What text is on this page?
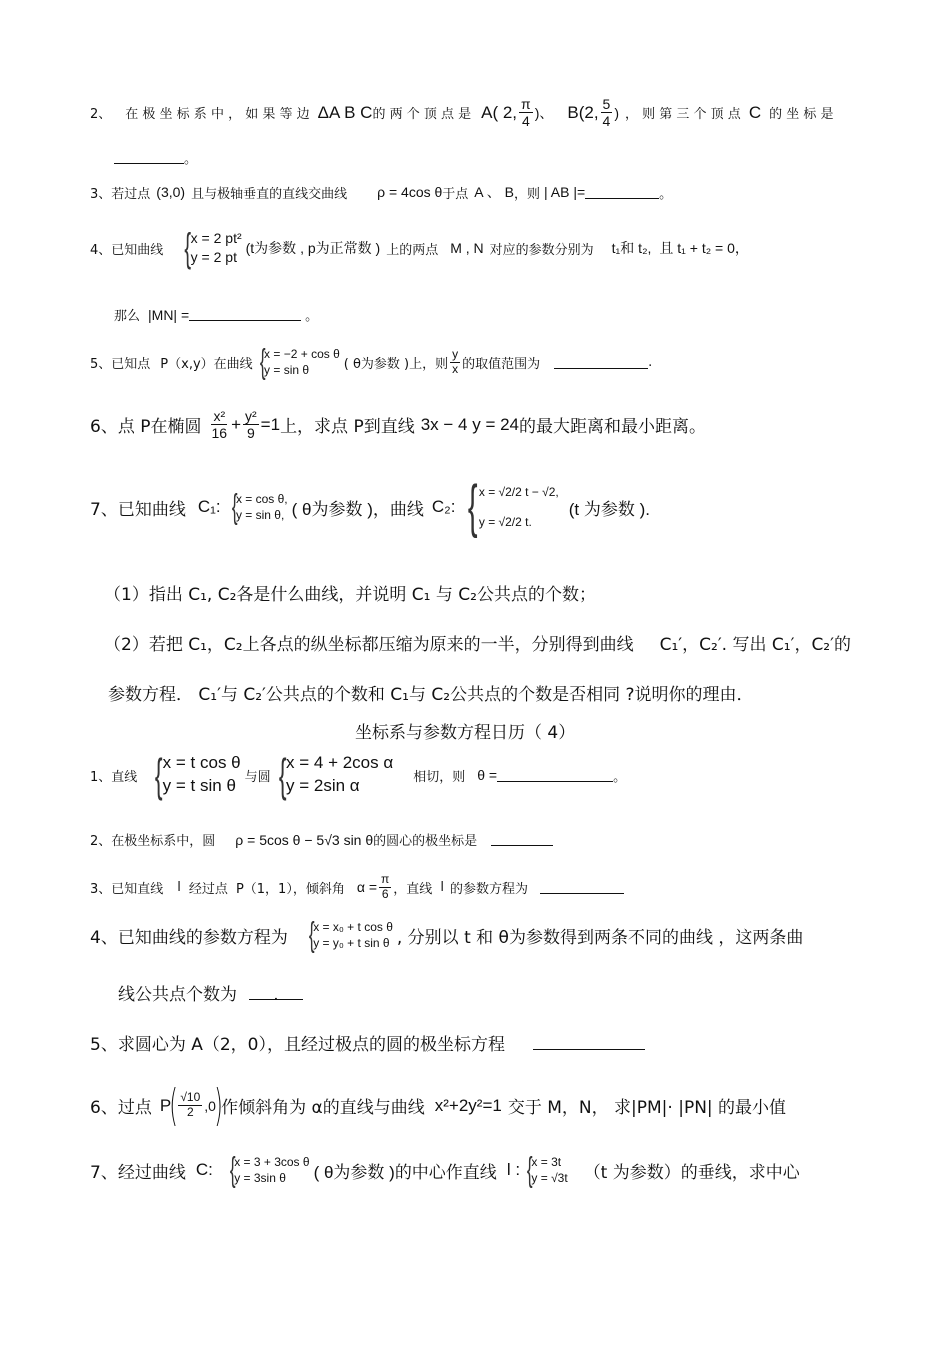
2、 在 极 坐 标 系 中 ， 如 果 等 边 ΔA B C 的 两 个 顶 点 是 A( 2, $\frac{\pi}{4}$ )、 B(2, $\frac{5}{4}$ ) ， 则 第 三 个 顶 点 C 的 坐 标 是
。
3、 若过点 (3,0) 且与极轴垂直的直线交曲线 ρ = 4cos θ 于点 A 、 B ，则 | AB |=	。
4、 已知曲线 { x = 2 pt²
y = 2 pt
(t为参数 , p为正常数 ) 上的两点 M , N 对应的参数分别为 t₁和 t₂, 且 t₁ + t₂ = 0，
那么 |MN| =	。
5、 已知点 P（x,y） 在曲线 {
x = −2 + cos θ
y = sin θ	( θ为参数 ) 上，则 $\frac{y}{x}$ 的取值范围为	.
6、 点 P在椭圆 $\frac{\text{x²}}{16} + \frac{\text{y²}}{9} =1$ 上，求点 P到直线 3x − 4 y = 24 的最大距离和最小距离。
7、 已知曲线 C₁: {
x = cos θ,
y = sin θ, ( θ为参数 ) ，曲线 C₂: { x = √2/2 t − √2,
y = √2/2 t.
(t 为参数 ).
（1）指出 C₁, C₂各是什么曲线，并说明 C₁ 与 C₂公共点的个数；
（2）若把 C₁，C₂上各点的纵坐标都压缩为原来的一半，分别得到曲线 C₁′，C₂′. 写出 C₁′，C₂′的
参数方程． C₁′与 C₂′公共点的个数和 C₁与 C₂公共点的个数是否相同 ?说明你的理由．
坐标系与参数方程日历（ 4）
1、 直线 { x = t cos θ
y = t sin θ 与圆 { x = 4 + 2cos α
y = 2sin α	相切，则 θ =	。
2、 在极坐标系中，圆 ρ = 5cos θ − 5√3 sin θ 的圆心的极坐标是
3、 已知直线 l 经过点 P（1，1）， 倾斜角 $\alpha = \frac{\pi}{6}$ ，直线 l 的参数方程为
4、 已知曲线的参数方程为 {
x = x₀ + t cos θ
y = y₀ + t sin θ , 分别以 t 和 θ为参数得到两条不同的曲线 ，这两条曲
线公共点个数为	.
5、 求圆心为 A（2，0），且经过极点的圆的极坐标方程
6、 过点 P
( $\frac{√10}{2} ,0$
)
作倾斜角为 α的直线与曲线 x²+2y²=1 交于 M，N， 求|PM|· |PN| 的最小值
7、 经过曲线 C: {
x = 3 + 3cos θ
y = 3sin θ	( θ为参数 ) 的中心作直线 l : {
x = 3t
y = √3t （t 为参数）的垂线，求中心
